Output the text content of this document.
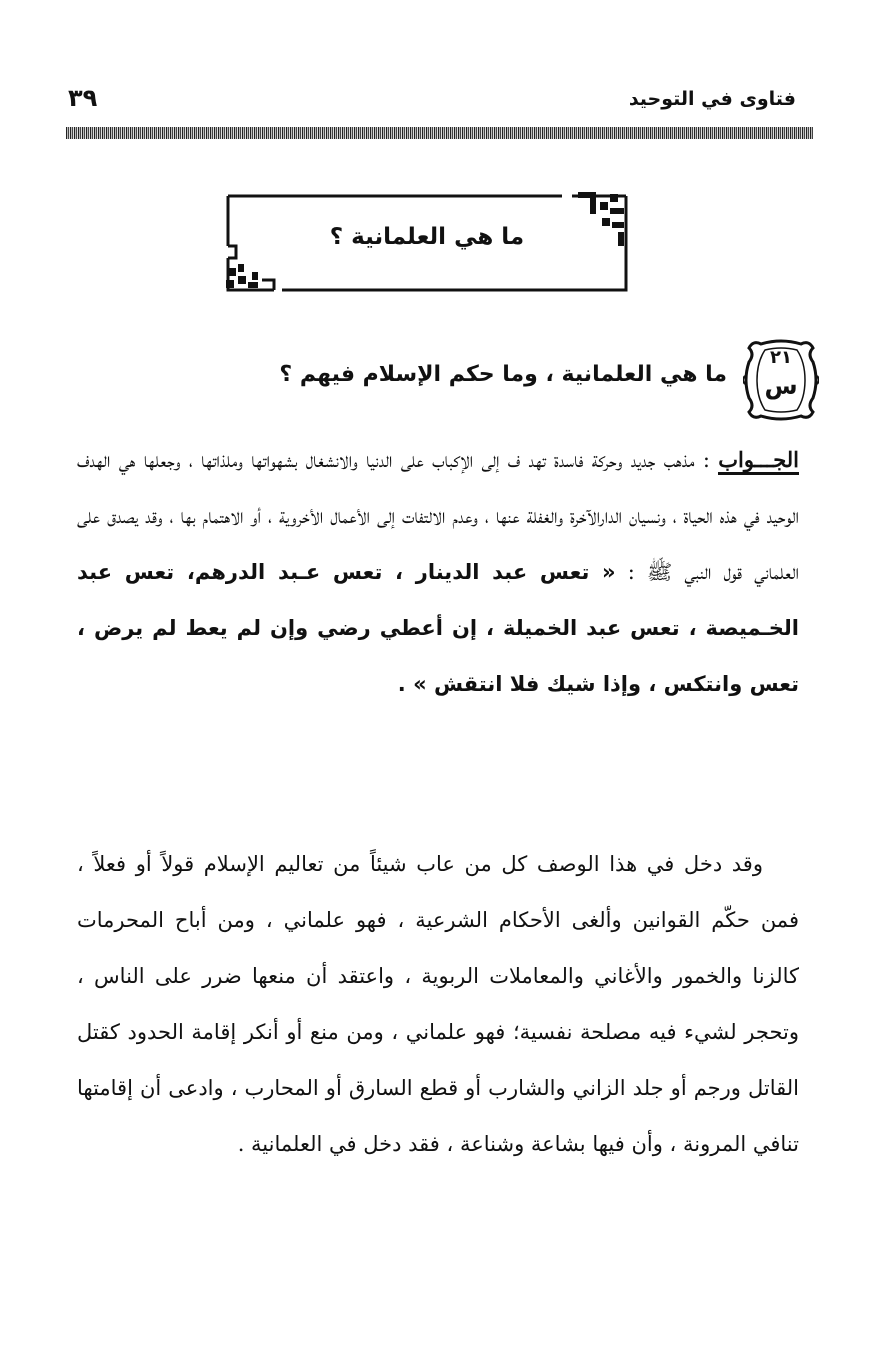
فتاوى في التوحيد
٣٩
ما هي العلمانية ؟
٢١
س
ما هي العلمانية ، وما حكم الإسلام فيهم ؟
الجـــواب : مذهب جديد وحركة فاسدة تهد ف إلى الإكباب على الدنيا والانشغال بشهواتها وملذاتها ، وجعلها هي الهدف الوحيد في هذه الحياة ، ونسيان الدارالآخرة والغفلة عنها ، وعدم الالتفات إلى الأعمال الأخروية ، أو الاهتمام بها ، وقد يصدق على العلماني قول النبي ﷺ : « تعس عبد الدينار ، تعس عـبد الدرهم، تعس عبد الخـميصة ، تعس عبد الخميلة ، إن أعطي رضي وإن لم يعط لم يرض ، تعس وانتكس ، وإذا شيك فلا انتقش » .
وقد دخل في هذا الوصف كل من عاب شيئاً من تعاليم الإسلام قولاً أو فعلاً ، فمن حكّم القوانين وألغى الأحكام الشرعية ، فهو علماني ، ومن أباح المحرمات كالزنا والخمور والأغاني والمعاملات الربوية ، واعتقد أن منعها ضرر على الناس ، وتحجر لشيء فيه مصلحة نفسية؛ فهو علماني ، ومن منع أو أنكر إقامة الحدود كقتل القاتل ورجم أو جلد الزاني والشارب أو قطع السارق أو المحارب ، وادعى أن إقامتها تنافي المرونة ، وأن فيها بشاعة وشناعة ، فقد دخل في العلمانية .
